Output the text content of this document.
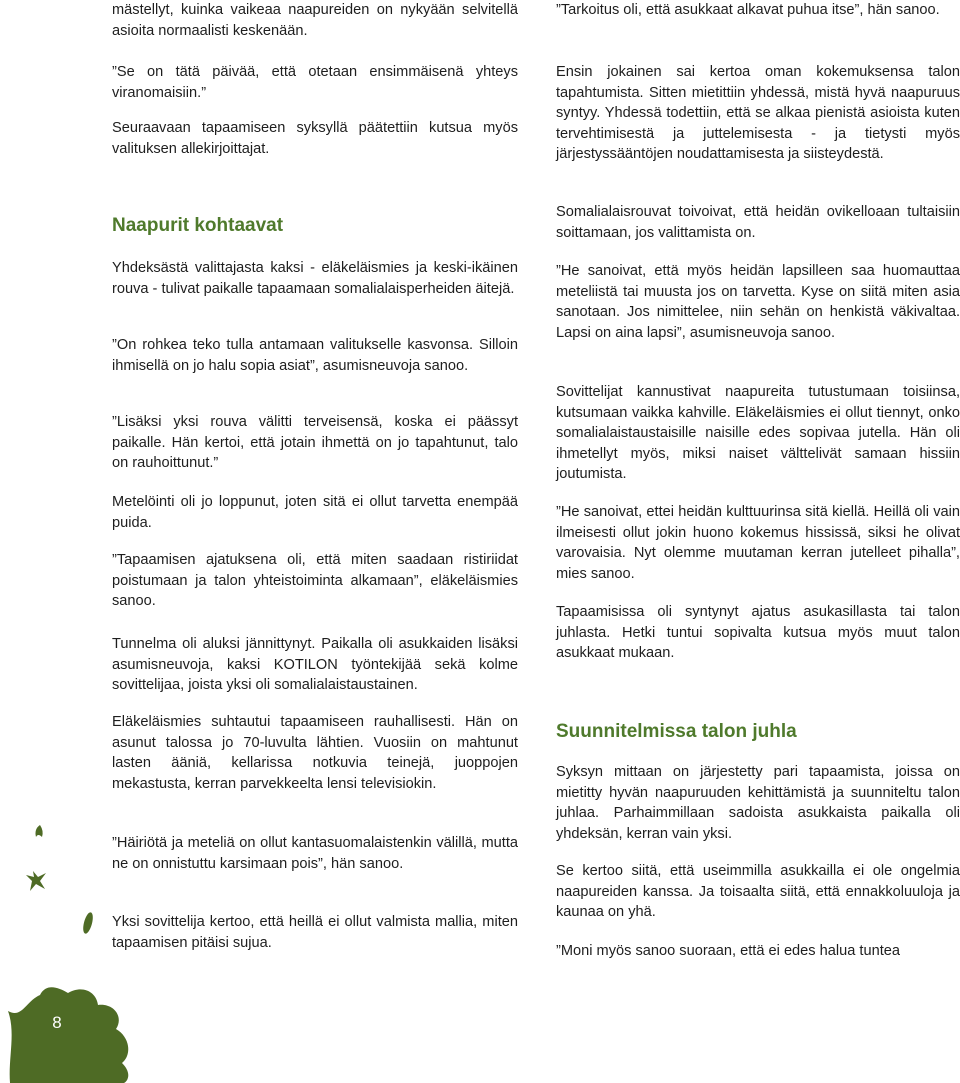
mästellyt, kuinka vaikeaa naapureiden on nykyään selvitellä asioita normaalisti keskenään.

”Se on tätä päivää, että otetaan ensimmäisenä yhteys viranomaisiin.”

Seuraavaan tapaamiseen syksyllä päätettiin kutsua myös valituksen allekirjoittajat.

Naapurit kohtaavat

Yhdeksästä valittajasta kaksi - eläkeläismies ja keski-ikäinen rouva - tulivat paikalle tapaamaan somalialaisperheiden äitejä.

”On rohkea teko tulla antamaan valitukselle kasvonsa. Silloin ihmisellä on jo halu sopia asiat”, asumisneuvoja sanoo.

”Lisäksi yksi rouva välitti terveisensä, koska ei päässyt paikalle. Hän kertoi, että jotain ihmettä on jo tapahtunut, talo on rauhoittunut.”

Metelöinti oli jo loppunut, joten sitä ei ollut tarvetta enempää puida.

”Tapaamisen ajatuksena oli, että miten saadaan ristiriidat poistumaan ja talon yhteistoiminta alkamaan”, eläkeläismies sanoo.

Tunnelma oli aluksi jännittynyt. Paikalla oli asukkaiden lisäksi asumisneuvoja, kaksi KOTILON työntekijää sekä kolme sovittelijaa, joista yksi oli somalialaistaustainen.

Eläkeläismies suhtautui tapaamiseen rauhallisesti. Hän on asunut talossa jo 70-luvulta lähtien. Vuosiin on mahtunut lasten ääniä, kellarissa notkuvia teinejä, juoppojen mekastusta, kerran parvekkeelta lensi televisiokin.

”Häiriötä ja meteliä on ollut kantasuomalaistenkin välillä, mutta ne on onnistuttu karsimaan pois”, hän sanoo.

Yksi sovittelija kertoo, että heillä ei ollut valmista mallia, miten tapaamisen pitäisi sujua.

”Tarkoitus oli, että asukkaat alkavat puhua itse”, hän sanoo.

Ensin jokainen sai kertoa oman kokemuksensa talon tapahtumista. Sitten mietittiin yhdessä, mistä hyvä naapuruus syntyy. Yhdessä todettiin, että se alkaa pienistä asioista kuten tervehtimisestä ja juttelemisesta - ja tietysti myös järjestyssääntöjen noudattamisesta ja siisteydestä.

Somalialaisrouvat toivoivat, että heidän ovikelloaan tultaisiin soittamaan, jos valittamista on.

”He sanoivat, että myös heidän lapsilleen saa huomauttaa meteliistä tai muusta jos on tarvetta. Kyse on siitä miten asia sanotaan. Jos nimittelee, niin sehän on henkistä väkivaltaa. Lapsi on aina lapsi”, asumisneuvoja sanoo.

Sovittelijat kannustivat naapureita tutustumaan toisiinsa, kutsumaan vaikka kahville. Eläkeläismies ei ollut tiennyt, onko somalialaistaustaisille naisille edes sopivaa jutella. Hän oli ihmetellyt myös, miksi naiset välttelivät samaan hissiin joutumista.

”He sanoivat, ettei heidän kulttuurinsa sitä kiellä. Heillä oli vain ilmeisesti ollut jokin huono kokemus hississä, siksi he olivat varovaisia. Nyt olemme muutaman kerran jutelleet pihalla”, mies sanoo.

Tapaamisissa oli syntynyt ajatus asukasillasta tai talon juhlasta. Hetki tuntui sopivalta kutsua myös muut talon asukkaat mukaan.

Suunnitelmissa talon juhla

Syksyn mittaan on järjestetty pari tapaamista, joissa on mietitty hyvän naapuruuden kehittämistä ja suunniteltu talon juhlaa. Parhaimmillaan sadoista asukkaista paikalla oli yhdeksän, kerran vain yksi.

Se kertoo siitä, että useimmilla asukkailla ei ole ongelmia naapureiden kanssa. Ja toisaalta siitä, että ennakkoluuloja ja kaunaa on yhä.

”Moni myös sanoo suoraan, että ei edes halua tuntea

8
